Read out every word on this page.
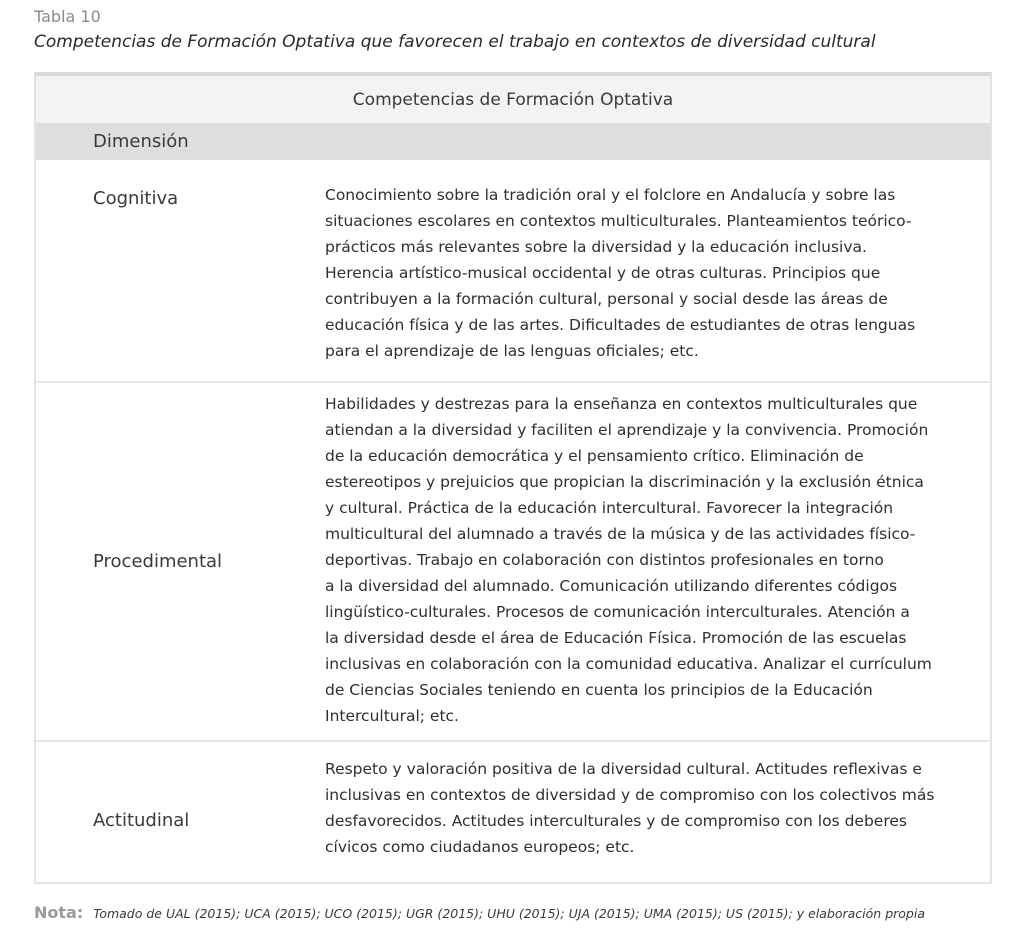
Tabla 10
Competencias de Formación Optativa que favorecen el trabajo en contextos de diversidad cultural
Competencias de Formación Optativa
Dimensión
Cognitiva	Conocimiento sobre la tradición oral y el folclore en Andalucía y sobre las
situaciones escolares en contextos multiculturales. Planteamientos teórico-
prácticos más relevantes sobre la diversidad y la educación inclusiva.
Herencia artístico-musical occidental y de otras culturas. Principios que
contribuyen a la formación cultural, personal y social desde las áreas de
educación física y de las artes. Dificultades de estudiantes de otras lenguas
para el aprendizaje de las lenguas oficiales; etc.
Procedimental
Habilidades y destrezas para la enseñanza en contextos multiculturales que
atiendan a la diversidad y faciliten el aprendizaje y la convivencia. Promoción
de la educación democrática y el pensamiento crítico. Eliminación de
estereotipos y prejuicios que propician la discriminación y la exclusión étnica
y cultural. Práctica de la educación intercultural. Favorecer la integración
multicultural del alumnado a través de la música y de las actividades físico-
deportivas. Trabajo en colaboración con distintos profesionales en torno
a la diversidad del alumnado. Comunicación utilizando diferentes códigos
lingüístico-culturales. Procesos de comunicación interculturales. Atención a
la diversidad desde el área de Educación Física. Promoción de las escuelas
inclusivas en colaboración con la comunidad educativa. Analizar el currículum
de Ciencias Sociales teniendo en cuenta los principios de la Educación
Intercultural; etc.
Actitudinal
Respeto y valoración positiva de la diversidad cultural. Actitudes reflexivas e
inclusivas en contextos de diversidad y de compromiso con los colectivos más
desfavorecidos. Actitudes interculturales y de compromiso con los deberes
cívicos como ciudadanos europeos; etc.
Nota: Tomado de UAL (2015); UCA (2015); UCO (2015); UGR (2015); UHU (2015); UJA (2015); UMA (2015); US (2015); y elaboración propia
